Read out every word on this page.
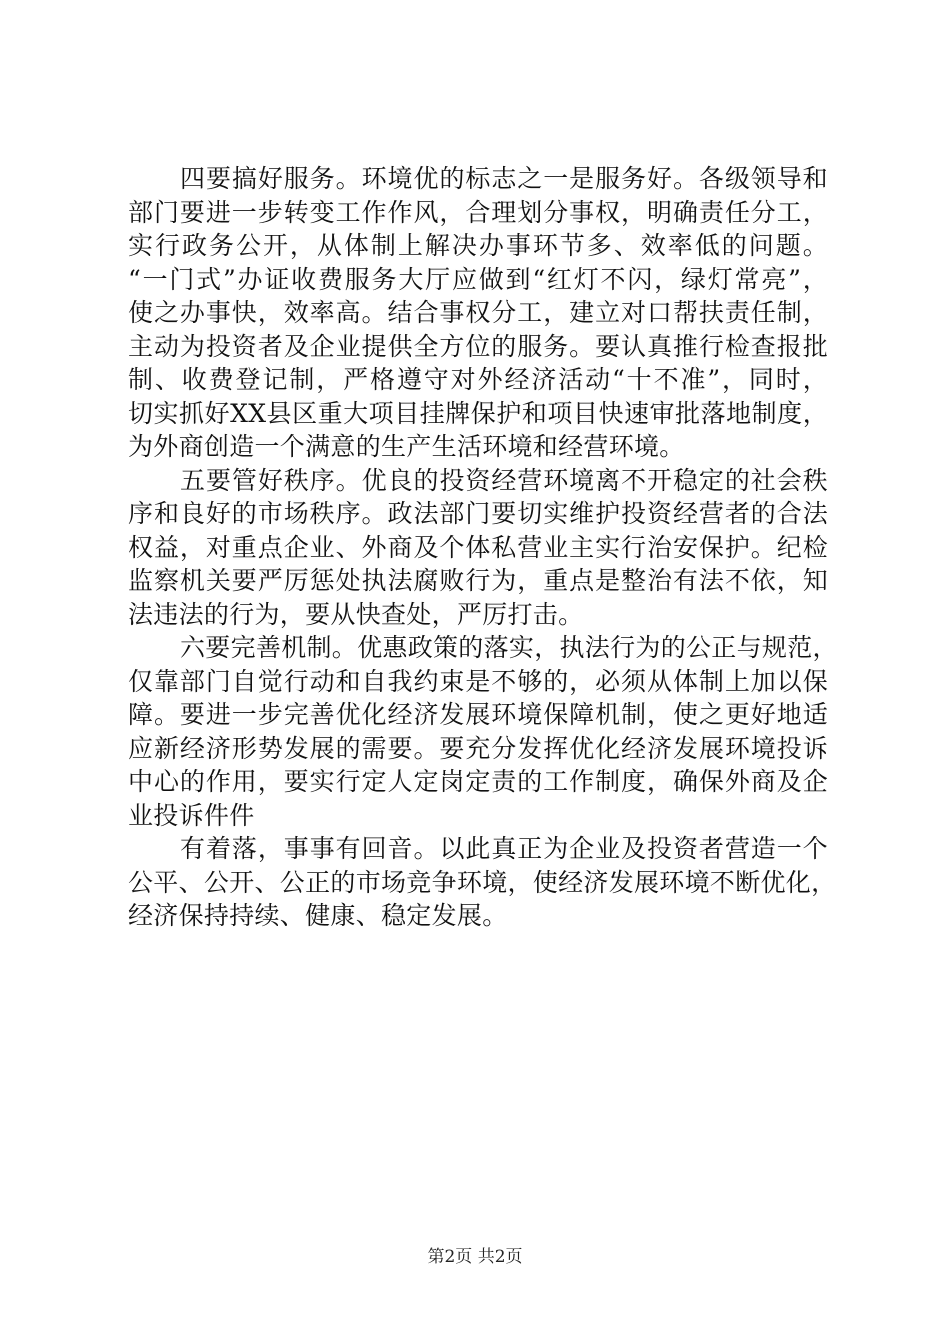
四要搞好服务。环境优的标志之一是服务好。各级领导和
部门要进一步转变工作作风，合理划分事权，明确责任分工，
实行政务公开，从体制上解决办事环节多、效率低的问题。
“一门式”办证收费服务大厅应做到“红灯不闪，绿灯常亮”，
使之办事快，效率高。结合事权分工，建立对口帮扶责任制，
主动为投资者及企业提供全方位的服务。要认真推行检查报批
制、收费登记制，严格遵守对外经济活动“十不准”，同时，
切实抓好XX县区重大项目挂牌保护和项目快速审批落地制度，
为外商创造一个满意的生产生活环境和经营环境。
五要管好秩序。优良的投资经营环境离不开稳定的社会秩
序和良好的市场秩序。政法部门要切实维护投资经营者的合法
权益，对重点企业、外商及个体私营业主实行治安保护。纪检
监察机关要严厉惩处执法腐败行为，重点是整治有法不依，知
法违法的行为，要从快查处，严厉打击。
六要完善机制。优惠政策的落实，执法行为的公正与规范，
仅靠部门自觉行动和自我约束是不够的，必须从体制上加以保
障。要进一步完善优化经济发展环境保障机制，使之更好地适
应新经济形势发展的需要。要充分发挥优化经济发展环境投诉
中心的作用，要实行定人定岗定责的工作制度，确保外商及企
业投诉件件
有着落，事事有回音。以此真正为企业及投资者营造一个
公平、公开、公正的市场竞争环境，使经济发展环境不断优化，
经济保持持续、健康、稳定发展。
第2页 共2页
